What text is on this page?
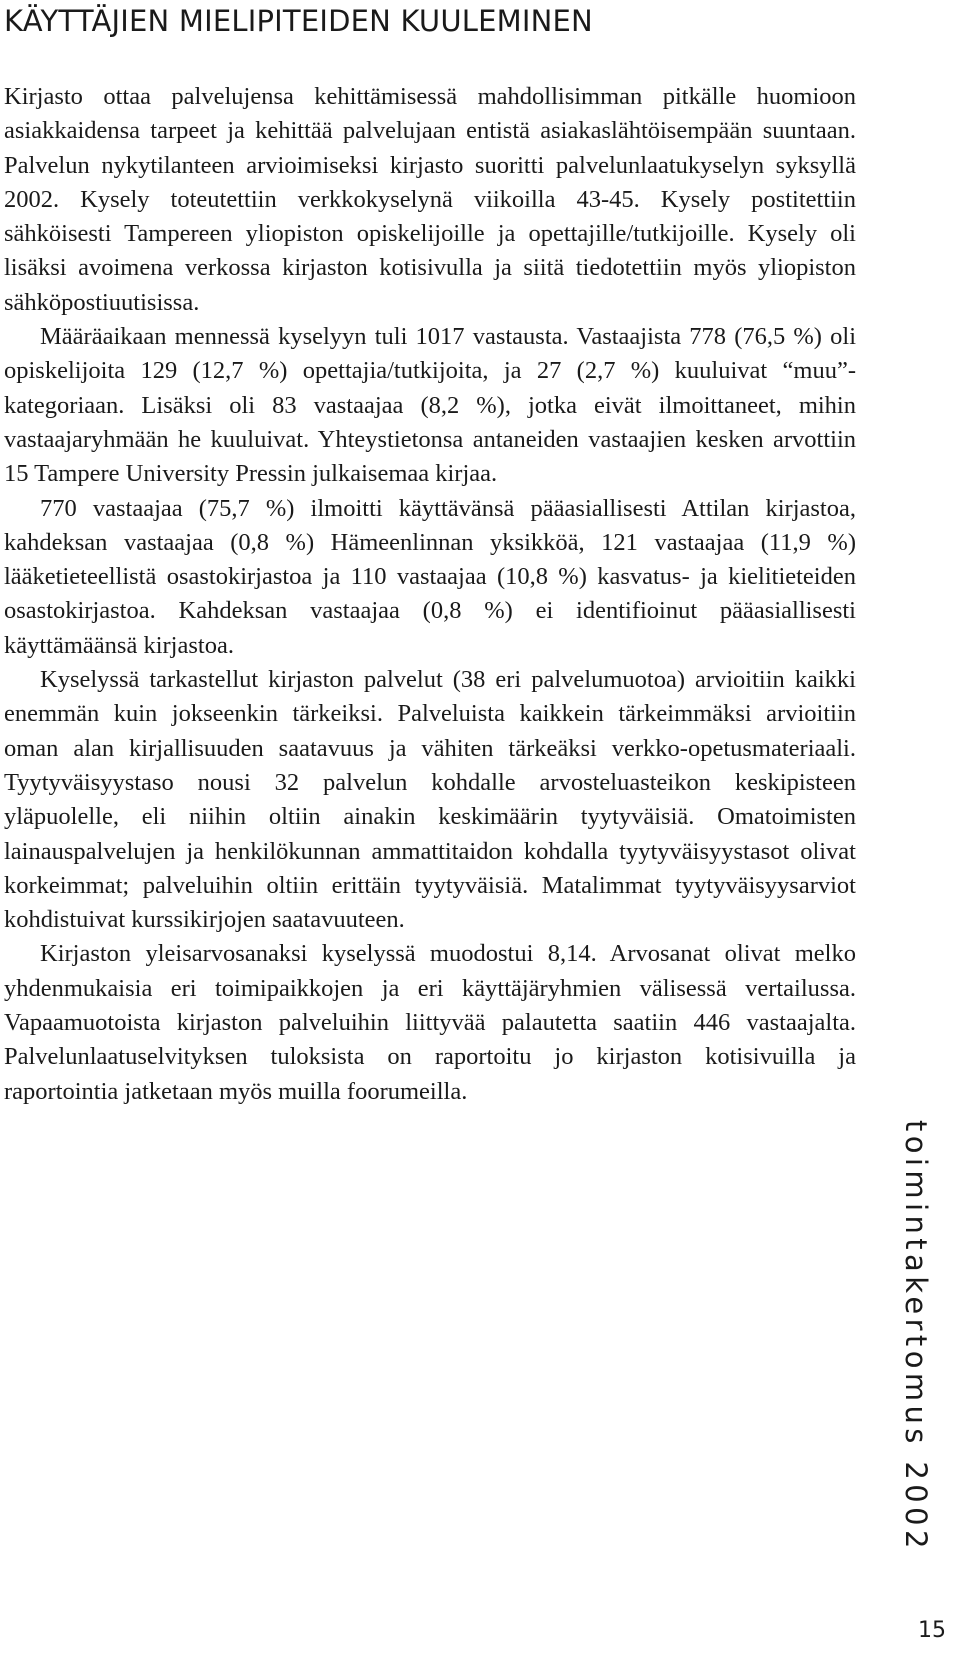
KÄYTTÄJIEN MIELIPITEIDEN KUULEMINEN

Kirjasto ottaa palvelujensa kehittämisessä mahdollisimman pitkälle huomioon asiakkaidensa tarpeet ja kehittää palvelujaan entistä asiakaslähtöisempään suuntaan. Palvelun nykytilanteen arvioimiseksi kirjasto suoritti palvelunlaatukyselyn syksyllä 2002. Kysely toteutettiin verkkokyselynä viikoilla 43-45. Kysely postitettiin sähköisesti Tampereen yliopiston opiskelijoille ja opettajille/tutkijoille. Kysely oli lisäksi avoimena verkossa kirjaston kotisivulla ja siitä tiedotettiin myös yliopiston sähköpostiuutisissa.

Määräaikaan mennessä kyselyyn tuli 1017 vastausta. Vastaajista 778 (76,5 %) oli opiskelijoita 129 (12,7 %) opettajia/tutkijoita, ja 27 (2,7 %) kuuluivat “muu”-kategoriaan. Lisäksi oli 83 vastaajaa (8,2 %), jotka eivät ilmoittaneet, mihin vastaajaryhmään he kuuluivat. Yhteystietonsa antaneiden vastaajien kesken arvottiin 15 Tampere University Pressin julkaisemaa kirjaa.

770 vastaajaa (75,7 %) ilmoitti käyttävänsä pääasiallisesti Attilan kirjastoa, kahdeksan vastaajaa (0,8 %) Hämeenlinnan yksikköä, 121 vastaajaa (11,9 %) lääketieteellistä osastokirjastoa ja 110 vastaajaa (10,8 %) kasvatus- ja kielitieteiden osastokirjastoa. Kahdeksan vastaajaa (0,8 %) ei identifioinut pääasiallisesti käyttämäänsä kirjastoa.

Kyselyssä tarkastellut kirjaston palvelut (38 eri palvelumuotoa) arvioitiin kaikki enemmän kuin jokseenkin tärkeiksi. Palveluista kaikkein tärkeimmäksi arvioitiin oman alan kirjallisuuden saatavuus ja vähiten tärkeäksi verkko-opetusmateriaali. Tyytyväisyystaso nousi 32 palvelun kohdalle arvosteluasteikon keskipisteen yläpuolelle, eli niihin oltiin ainakin keskimäärin tyytyväisiä. Omatoimisten lainauspalvelujen ja henkilökunnan ammattitaidon kohdalla tyytyväisyystasot olivat korkeimmat; palveluihin oltiin erittäin tyytyväisiä. Matalimmat tyytyväisyysarviot kohdistuivat kurssikirjojen saatavuuteen.

Kirjaston yleisarvosanaksi kyselyssä muodostui 8,14. Arvosanat olivat melko yhdenmukaisia eri toimipaikkojen ja eri käyttäjäryhmien välisessä vertailussa. Vapaamuotoista kirjaston palveluihin liittyvää palautetta saatiin 446 vastaajalta. Palvelunlaatuselvityksen tuloksista on raportoitu jo kirjaston kotisivuilla ja raportointia jatketaan myös muilla foorumeilla.

toimintakertomus 2002
15
